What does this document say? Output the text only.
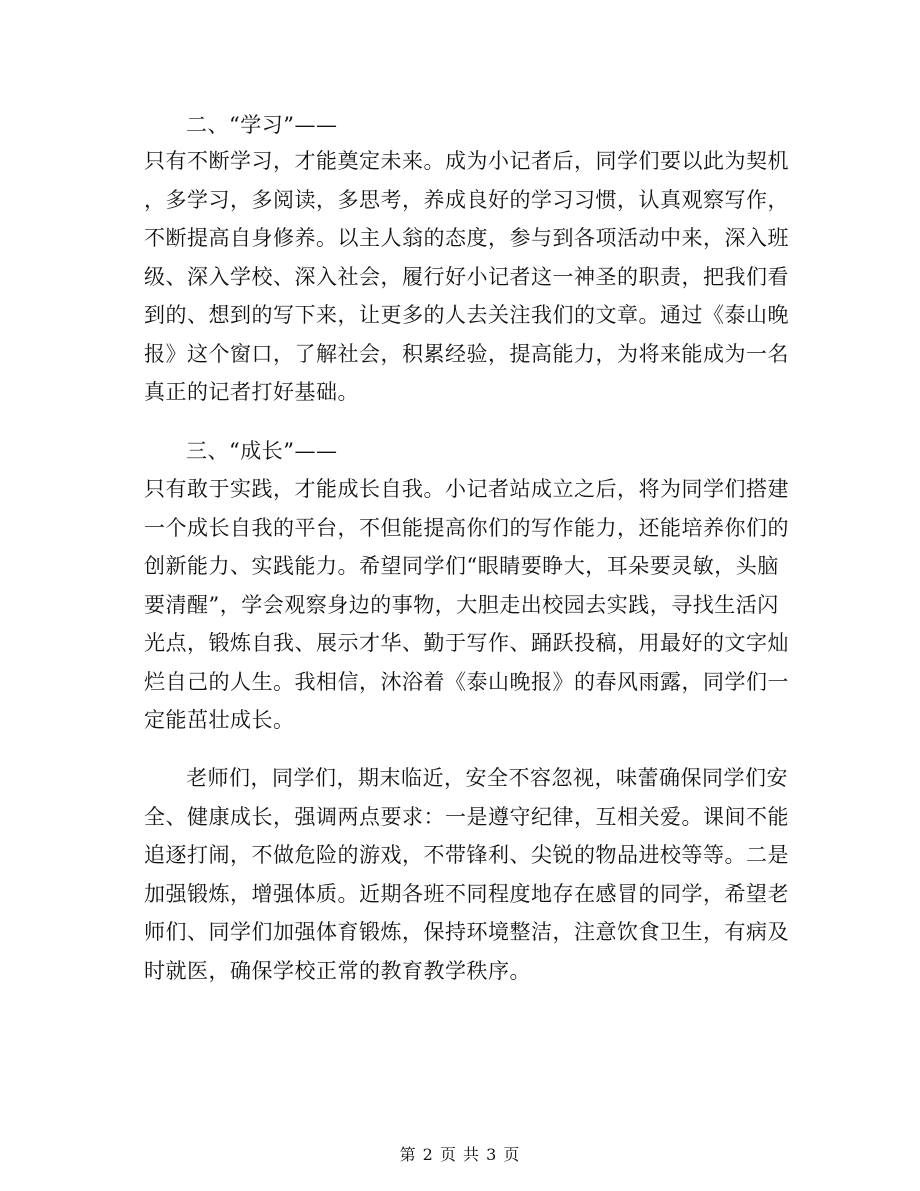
二、“学习”——
只有不断学习，才能奠定未来。成为小记者后，同学们要以此为契机
，多学习，多阅读，多思考，养成良好的学习习惯，认真观察写作，
不断提高自身修养。以主人翁的态度，参与到各项活动中来，深入班
级、深入学校、深入社会，履行好小记者这一神圣的职责，把我们看
到的、想到的写下来，让更多的人去关注我们的文章。通过《泰山晚
报》这个窗口，了解社会，积累经验，提高能力，为将来能成为一名
真正的记者打好基础。
三、“成长”——
只有敢于实践，才能成长自我。小记者站成立之后，将为同学们搭建
一个成长自我的平台，不但能提高你们的写作能力，还能培养你们的
创新能力、实践能力。希望同学们“眼睛要睁大，耳朵要灵敏，头脑
要清醒”，学会观察身边的事物，大胆走出校园去实践，寻找生活闪
光点，锻炼自我、展示才华、勤于写作、踊跃投稿，用最好的文字灿
烂自己的人生。我相信，沐浴着《泰山晚报》的春风雨露，同学们一
定能茁壮成长。
老师们，同学们，期末临近，安全不容忽视，味蕾确保同学们安
全、健康成长，强调两点要求：一是遵守纪律，互相关爱。课间不能
追逐打闹，不做危险的游戏，不带锋利、尖锐的物品进校等等。二是
加强锻炼，增强体质。近期各班不同程度地存在感冒的同学，希望老
师们、同学们加强体育锻炼，保持环境整洁，注意饮食卫生，有病及
时就医，确保学校正常的教育教学秩序。
第 2 页 共 3 页
